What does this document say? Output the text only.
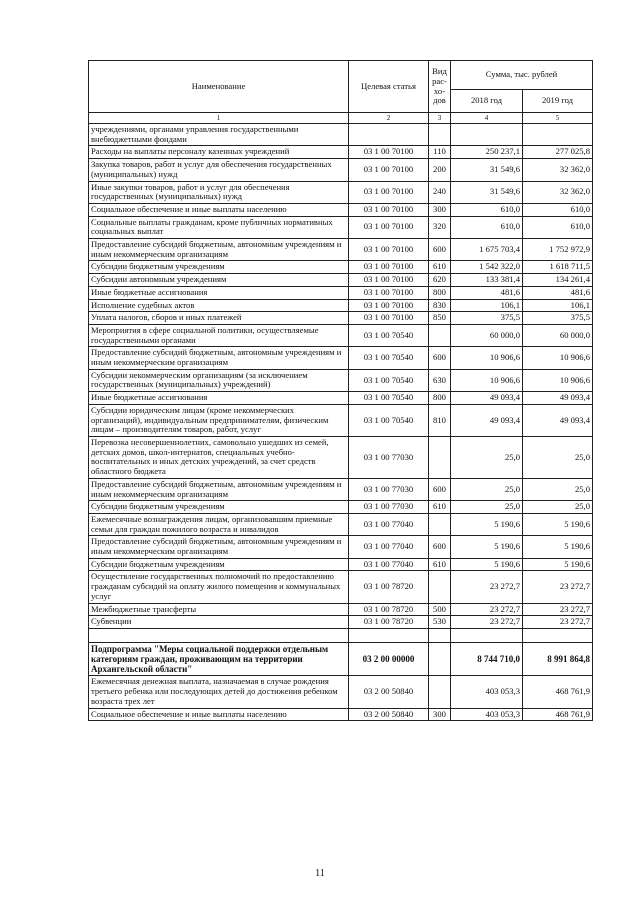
Наименование	Целевая статья	Вид рас-хо-дов	Сумма, тыс. рублей	
			2018 год	2019 год
1	2	3	4	5
учреждениями, органами управления государственными внебюджетными фондами				
Расходы на выплаты персоналу казенных учреждений	03 1 00 70100	110	250 237,1	277 025,8
Закупка товаров, работ и услуг для обеспечения государственных (муниципальных) нужд	03 1 00 70100	200	31 549,6	32 362,0
Иные закупки товаров, работ и услуг для обеспечения государственных (муниципальных) нужд	03 1 00 70100	240	31 549,6	32 362,0
Социальное обеспечение и иные выплаты населению	03 1 00 70100	300	610,0	610,0
Социальные выплаты гражданам, кроме публичных нормативных социальных выплат	03 1 00 70100	320	610,0	610,0
Предоставление субсидий бюджетным, автономным учреждениям и иным некоммерческим организациям	03 1 00 70100	600	1 675 703,4	1 752 972,9
Субсидии бюджетным учреждениям	03 1 00 70100	610	1 542 322,0	1 618 711,5
Субсидии автономным учреждениям	03 1 00 70100	620	133 381,4	134 261,4
Иные бюджетные ассигнования	03 1 00 70100	800	481,6	481,6
Исполнение судебных актов	03 1 00 70100	830	106,1	106,1
Уплата налогов, сборов и иных платежей	03 1 00 70100	850	375,5	375,5
Мероприятия в сфере социальной политики, осуществляемые государственными органами	03 1 00 70540		60 000,0	60 000,0
Предоставление субсидий бюджетным, автономным учреждениям и иным некоммерческим организациям	03 1 00 70540	600	10 906,6	10 906,6
Субсидии некоммерческим организациям (за исключением государственных (муниципальных) учреждений)	03 1 00 70540	630	10 906,6	10 906,6
Иные бюджетные ассигнования	03 1 00 70540	800	49 093,4	49 093,4
Субсидии юридическим лицам (кроме некоммерческих организаций), индивидуальным предпринимателям, физическим лицам – производителям товаров, работ, услуг	03 1 00 70540	810	49 093,4	49 093,4
Перевозка несовершеннолетних, самовольно ушедших из семей, детских домов, школ-интернатов, специальных учебно-воспитательных и иных детских учреждений, за счет средств областного бюджета	03 1 00 77030		25,0	25,0
Предоставление субсидий бюджетным, автономным учреждениям и иным некоммерческим организациям	03 1 00 77030	600	25,0	25,0
Субсидии бюджетным учреждениям	03 1 00 77030	610	25,0	25,0
Ежемесячные вознаграждения лицам, организовавшим приемные семьи для граждан пожилого возраста и инвалидов	03 1 00 77040		5 190,6	5 190,6
Предоставление субсидий бюджетным, автономным учреждениям и иным некоммерческим организациям	03 1 00 77040	600	5 190,6	5 190,6
Субсидии бюджетным учреждениям	03 1 00 77040	610	5 190,6	5 190,6
Осуществление государственных полномочий по предоставлению гражданам субсидий на оплату жилого помещения и коммунальных услуг	03 1 00 78720		23 272,7	23 272,7
Межбюджетные трансферты	03 1 00 78720	500	23 272,7	23 272,7
Субвенции	03 1 00 78720	530	23 272,7	23 272,7

Подпрограмма "Меры социальной поддержки отдельным категориям граждан, проживающим на территории Архангельской области"	03 2 00 00000		8 744 710,0	8 991 864,8
Ежемесячная денежная выплата, назначаемая в случае рождения третьего ребенка или последующих детей до достижения ребенком возраста трех лет	03 2 00 50840		403 053,3	468 761,9
Социальное обеспечение и иные выплаты населению	03 2 00 50840	300	403 053,3	468 761,9
11
